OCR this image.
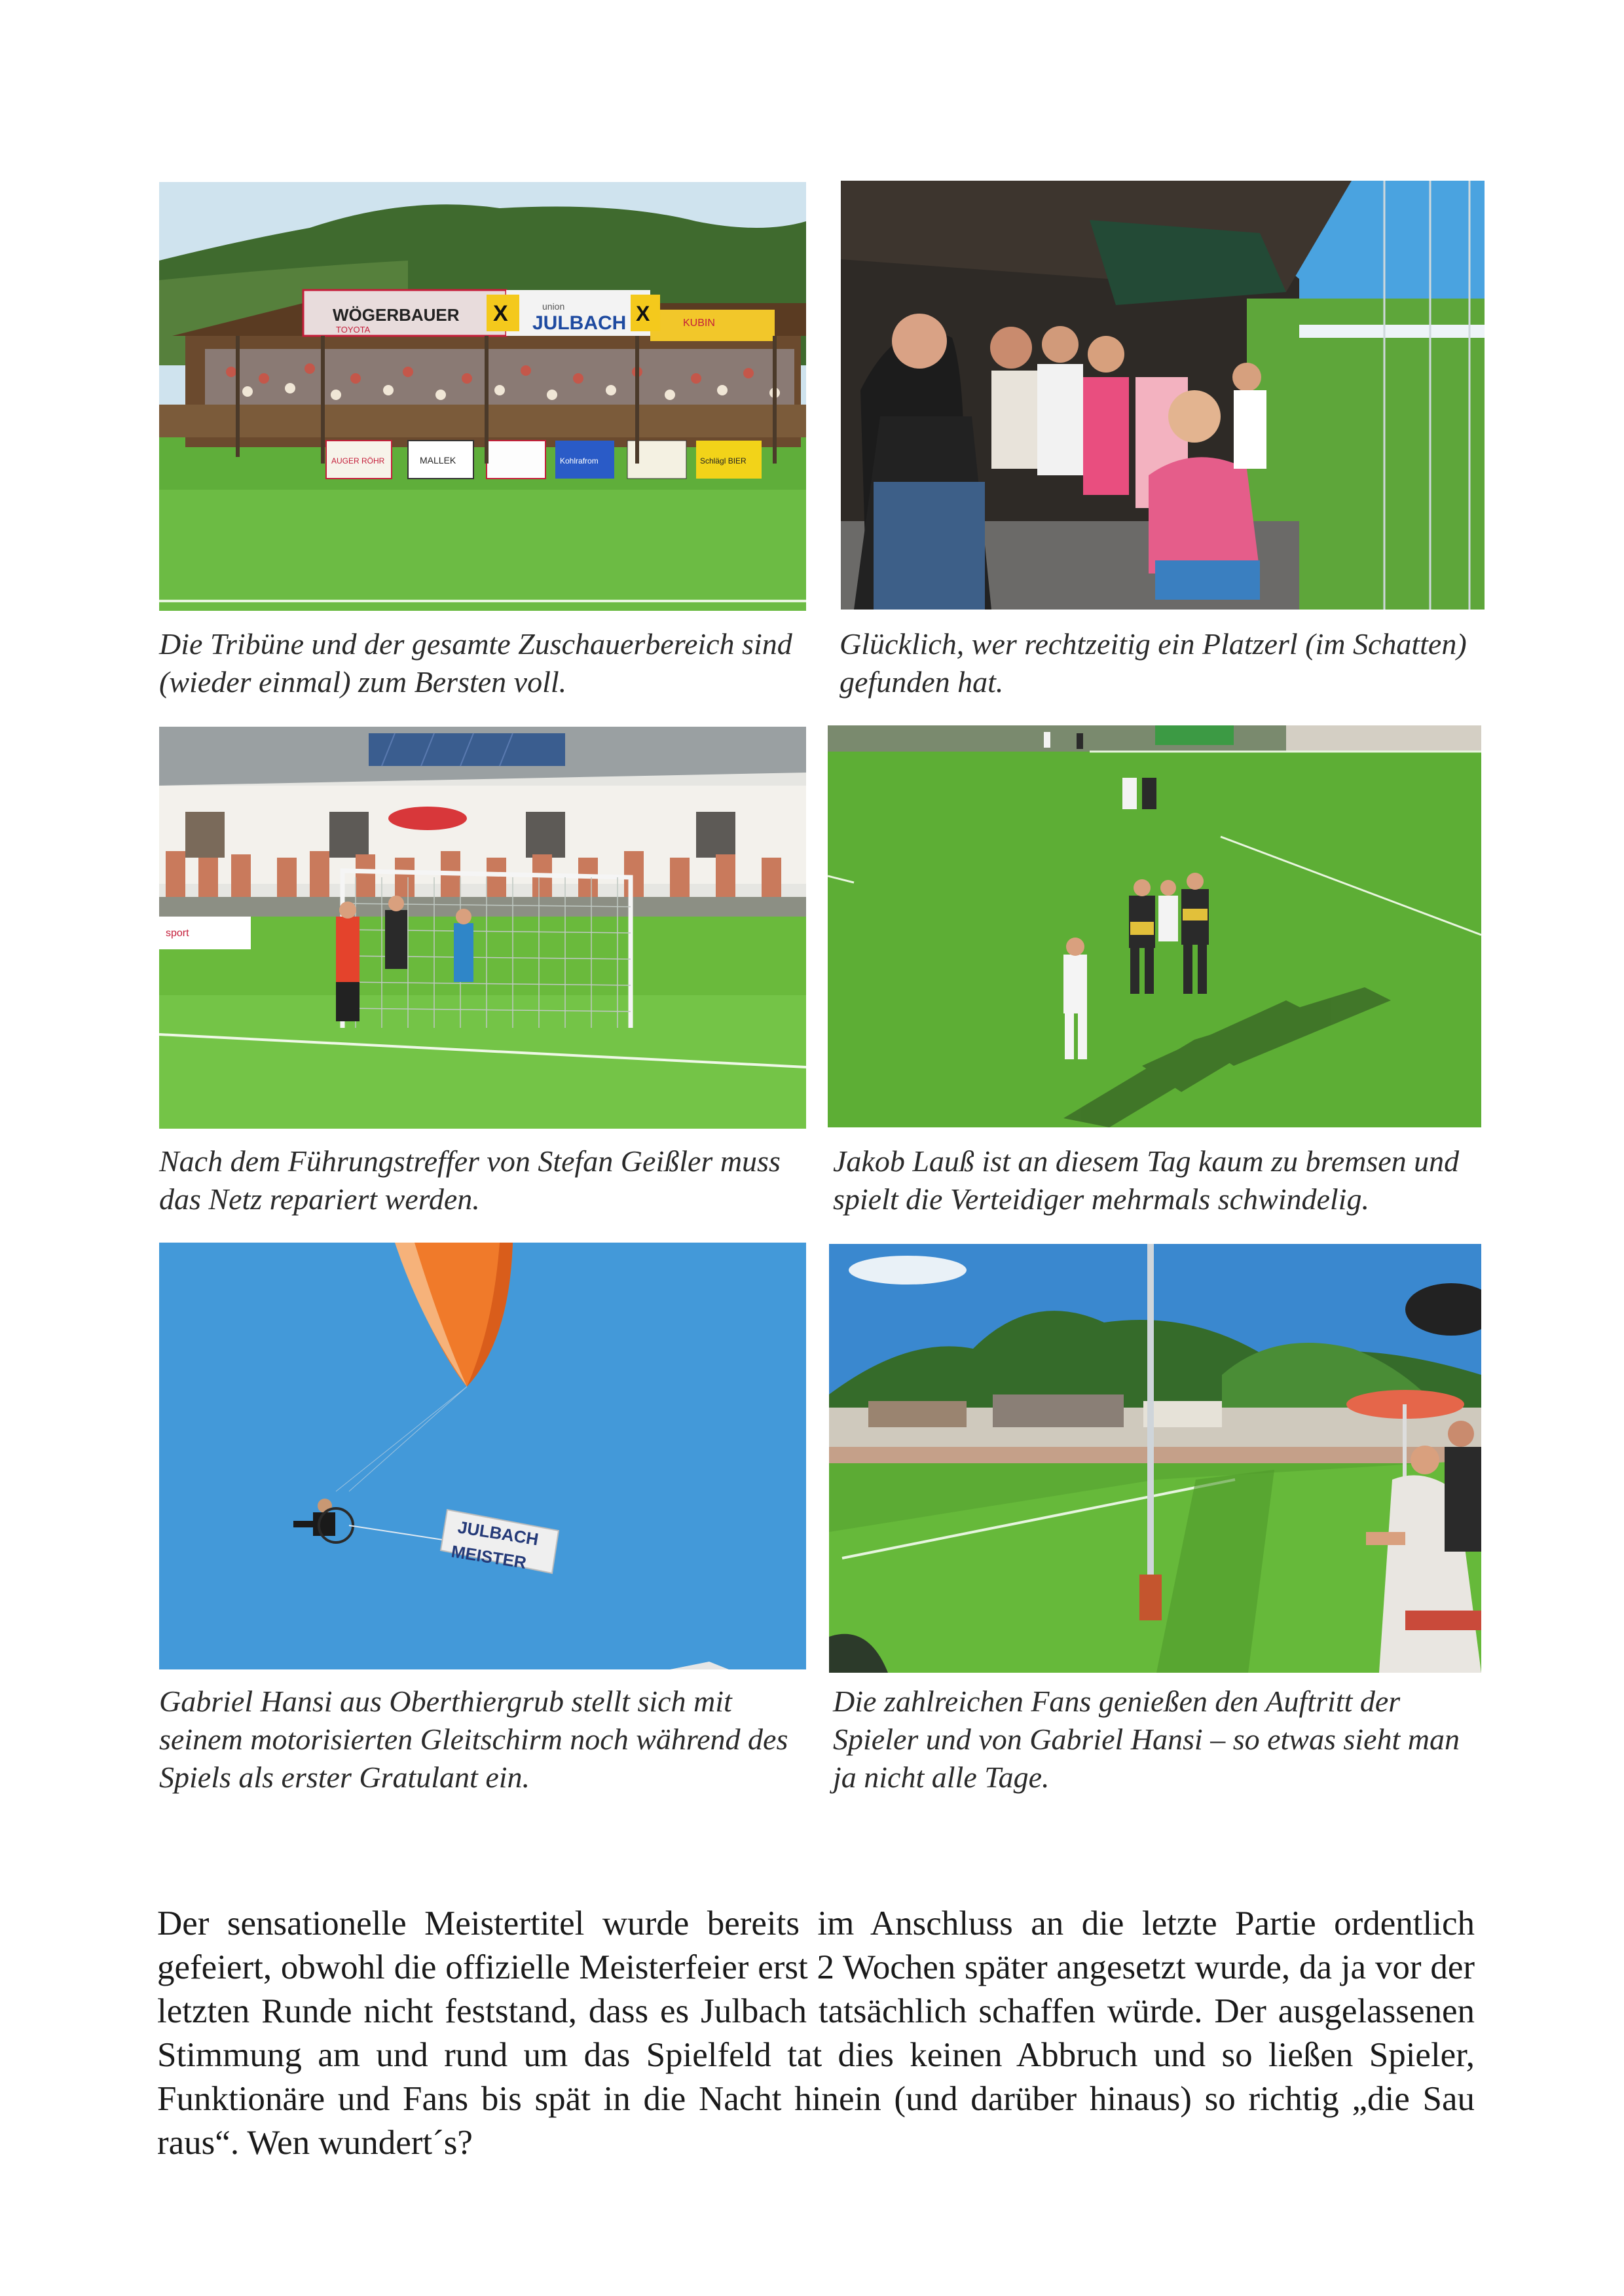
WÖGERBAUER
TOYOTA
X	union
JULBACH X	KUBIN
AUGER RÖHR	MALLEK	Kohlrafrom	Schlägl BIER

Die Tribüne und der gesamte Zuschauerbereich sind (wieder einmal) zum Bersten voll.

Glücklich, wer rechtzeitig ein Platzerl (im Schatten) gefunden hat.

sport

Nach dem Führungstreffer von Stefan Geißler muss das Netz repariert werden.

Jakob Lauß ist an diesem Tag kaum zu bremsen und spielt die Verteidiger mehrmals schwindelig.

JULBACH
MEISTER

Gabriel Hansi aus Oberthiergrub stellt sich mit seinem motorisierten Gleitschirm noch während des Spiels als erster Gratulant ein.

Die zahlreichen Fans genießen den Auftritt der Spieler und von Gabriel Hansi – so etwas sieht man ja nicht alle Tage.

Der sensationelle Meistertitel wurde bereits im Anschluss an die letzte Partie ordentlich gefeiert, obwohl die offizielle Meisterfeier erst 2 Wochen später angesetzt wurde, da ja vor der letzten Runde nicht feststand, dass es Julbach tatsächlich schaffen würde. Der ausgelassenen Stimmung am und rund um das Spielfeld tat dies keinen Abbruch und so ließen Spieler, Funktionäre und Fans bis spät in die Nacht hinein (und darüber hinaus) so richtig „die Sau raus“. Wen wundert´s?
